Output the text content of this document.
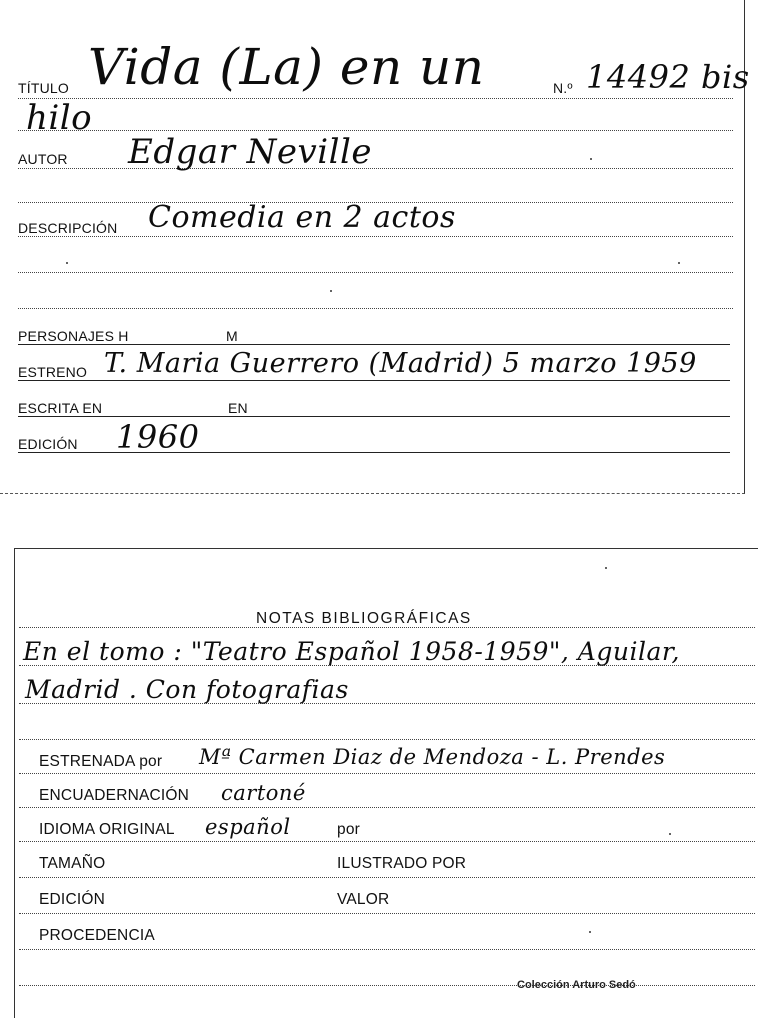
TÍTULO Vida (La) en un	N.º 14492 bis
hilo
AUTOR Edgar Neville
DESCRIPCIÓN Comedia en 2 actos
PERSONAJES H	M
ESTRENO T. Maria Guerrero (Madrid) 5 marzo 1959
ESCRITA EN	EN
EDICIÓN 1960
NOTAS BIBLIOGRÁFICAS
En el tomo : "Teatro Español 1958-1959", Aguilar,
Madrid . Con fotografias
ESTRENADA por Mª Carmen Diaz de Mendoza - L. Prendes
ENCUADERNACIÓN cartoné
IDIOMA ORIGINAL español	por
TAMAÑO	ILUSTRADO POR
EDICIÓN	VALOR
PROCEDENCIA
Colección Arturo Sedó
